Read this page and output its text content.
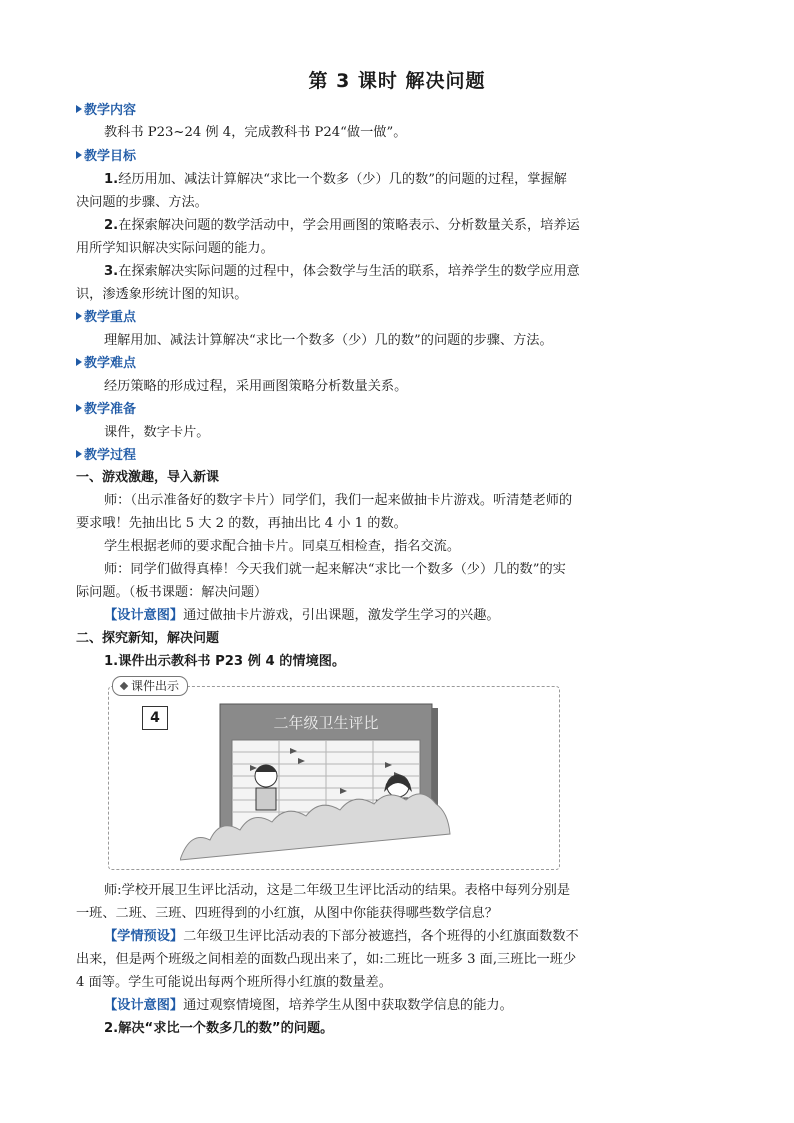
第 3 课时 解决问题
教学内容
教科书 P23~24 例 4，完成教科书 P24“做一做”。
教学目标
1.经历用加、减法计算解决“求比一个数多（少）几的数”的问题的过程，掌握解
决问题的步骤、方法。
2.在探索解决问题的数学活动中，学会用画图的策略表示、分析数量关系，培养运
用所学知识解决实际问题的能力。
3.在探索解决实际问题的过程中，体会数学与生活的联系，培养学生的数学应用意
识，渗透象形统计图的知识。
教学重点
理解用加、减法计算解决“求比一个数多（少）几的数”的问题的步骤、方法。
教学难点
经历策略的形成过程，采用画图策略分析数量关系。
教学准备
课件，数字卡片。
教学过程
一、游戏激趣，导入新课
师：（出示准备好的数字卡片）同学们，我们一起来做抽卡片游戏。听清楚老师的
要求哦！先抽出比 5 大 2 的数，再抽出比 4 小 1 的数。
学生根据老师的要求配合抽卡片。同桌互相检查，指名交流。
师：同学们做得真棒！今天我们就一起来解决“求比一个数多（少）几的数”的实
际问题。（板书课题：解决问题）
【设计意图】通过做抽卡片游戏，引出课题，激发学生学习的兴趣。
二、探究新知，解决问题
1.课件出示教科书 P23 例 4 的情境图。
课件出示
4	二年级卫生评比
师:学校开展卫生评比活动，这是二年级卫生评比活动的结果。表格中每列分别是
一班、二班、三班、四班得到的小红旗，从图中你能获得哪些数学信息？
【学情预设】二年级卫生评比活动表的下部分被遮挡，各个班得的小红旗面数数不
出来，但是两个班级之间相差的面数凸现出来了，如:二班比一班多 3 面,三班比一班少
4 面等。学生可能说出每两个班所得小红旗的数量差。
【设计意图】通过观察情境图，培养学生从图中获取数学信息的能力。
2.解决“求比一个数多几的数”的问题。
